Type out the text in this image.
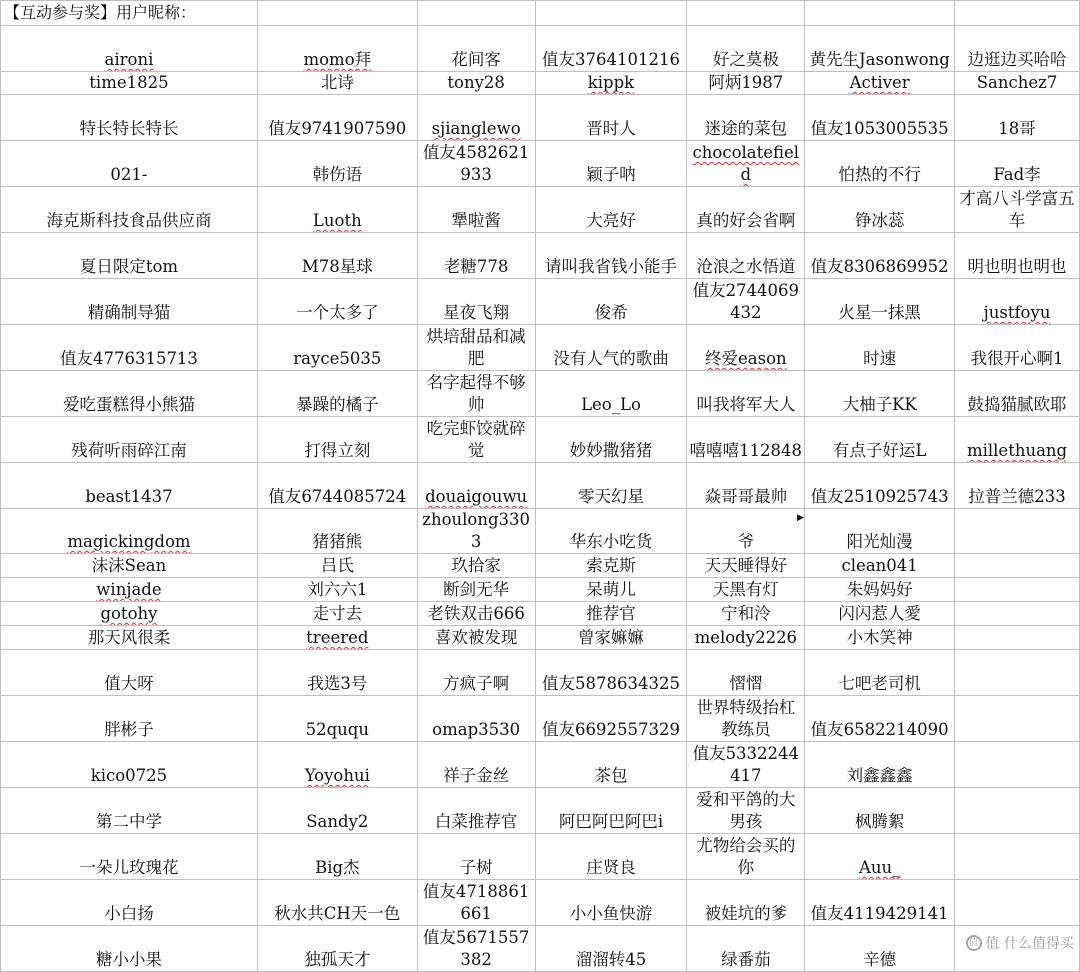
【互动参与奖】用户昵称：						
aironi	momo拜	花间客	值友3764101216	好之莫极	黄先生Jasonwong	边逛边买哈哈
time1825	北诗	tony28	kippk	阿炳1987	Activer	Sanchez7
特长特长特长	值友9741907590	sjianglewo	晋时人	迷途的菜包	值友1053005535	18哥
021-	韩伤语	值友4582621933	颖子呐	chocolatefield	怕热的不行	Fad李
海克斯科技食品供应商	Luoth	犟啦酱	大亮好	真的好会省啊	铮冰蕊	才高八斗学富五车
夏日限定tom	M78星球	老糖778	请叫我省钱小能手	沧浪之水悟道	值友8306869952	明也明也明也
精确制导猫	一个太多了	星夜飞翔	俊希	值友2744069432	火星一抹黑	justfoyu
值友4776315713	rayce5035	烘培甜品和减肥	没有人气的歌曲	终爱eason	时速	我很开心啊1
爱吃蛋糕得小熊猫	暴躁的橘子	名字起得不够帅	Leo_Lo	叫我将军大人	大柚子KK	鼓捣猫腻欧耶
残荷听雨碎江南	打得立刻	吃完虾饺就碎觉	妙妙撒猪猪	嘻嘻嘻112848	有点子好运L	millethuang
beast1437	值友6744085724	douaigouwu	零天幻星	焱哥哥最帅	值友2510925743	拉普兰德233
magickingdom	猪猪熊	zhoulong3303	华东小吃货	爷	阳光灿漫	
沫沫Sean	吕氏	玖拾家	索克斯	天天睡得好	clean041	
winjade	刘六六1	断剑无华	呆萌儿	天黑有灯	朱妈妈好	
gotohy	走寸去	老铁双击666	推荐官	宁和泠	闪闪惹人愛	
那天风很柔	treered	喜欢被发现	曾家嫲嫲	melody2226	小木笑神	
值大呀	我选3号	方疯子啊	值友5878634325	慴慴	七吧老司机	
胖彬子	52ququ	omap3530	值友6692557329	世界特级抬杠教练员	值友6582214090	
kico0725	Yoyohui	祥子金丝	茶包	值友5332244417	刘鑫鑫鑫	
第二中学	Sandy2	白菜推荐官	阿巴阿巴阿巴i	爱和平鸽的大男孩	枫腾絮	
一朵儿玫瑰花	Big杰	子树	庄贤良	尤物给会买的你	Auu_	
小白扬	秋水共CH天一色	值友4718861661	小小鱼快游	被娃坑的爹	值友4119429141	
糖小小果	独孤天才	值友5671557382	溜溜转45	绿番茄	辛德	
▶
值 值 什么值得买
